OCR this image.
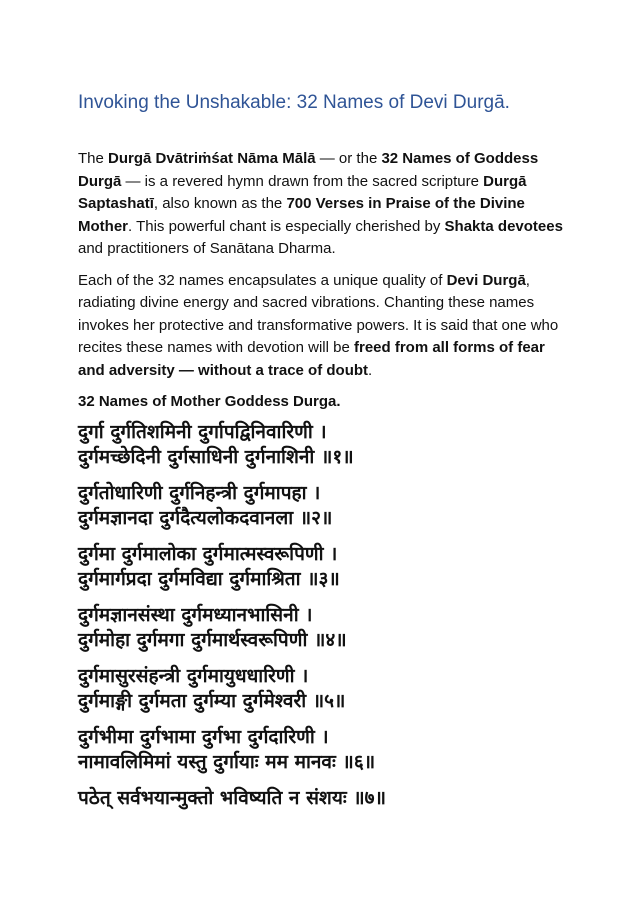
Invoking the Unshakable: 32 Names of Devi Durgā.

The Durgā Dvātriṁśat Nāma Mālā — or the 32 Names of Goddess Durgā — is a revered hymn drawn from the sacred scripture Durgā Saptashatī, also known as the 700 Verses in Praise of the Divine Mother. This powerful chant is especially cherished by Shakta devotees and practitioners of Sanātana Dharma.

Each of the 32 names encapsulates a unique quality of Devi Durgā, radiating divine energy and sacred vibrations. Chanting these names invokes her protective and transformative powers. It is said that one who recites these names with devotion will be freed from all forms of fear and adversity — without a trace of doubt.

32 Names of Mother Goddess Durga.
दुर्गा दुर्गतिशमिनी दुर्गापद्विनिवारिणी ।
दुर्गमच्छेदिनी दुर्गसाधिनी दुर्गनाशिनी ॥१॥
दुर्गतोधारिणी दुर्गनिहन्त्री दुर्गमापहा ।
दुर्गमज्ञानदा दुर्गदैत्यलोकदवानला ॥२॥
दुर्गमा दुर्गमालोका दुर्गमात्मस्वरूपिणी ।
दुर्गमार्गप्रदा दुर्गमविद्या दुर्गमाश्रिता ॥३॥
दुर्गमज्ञानसंस्था दुर्गमध्यानभासिनी ।
दुर्गमोहा दुर्गमगा दुर्गमार्थस्वरूपिणी ॥४॥
दुर्गमासुरसंहन्त्री दुर्गमायुधधारिणी ।
दुर्गमाङ्गी दुर्गमता दुर्गम्या दुर्गमेश्वरी ॥५॥
दुर्गभीमा दुर्गभामा दुर्गभा दुर्गदारिणी ।
नामावलिमिमां यस्तु दुर्गायाः मम मानवः ॥६॥
पठेत् सर्वभयान्मुक्तो भविष्यति न संशयः ॥७॥
